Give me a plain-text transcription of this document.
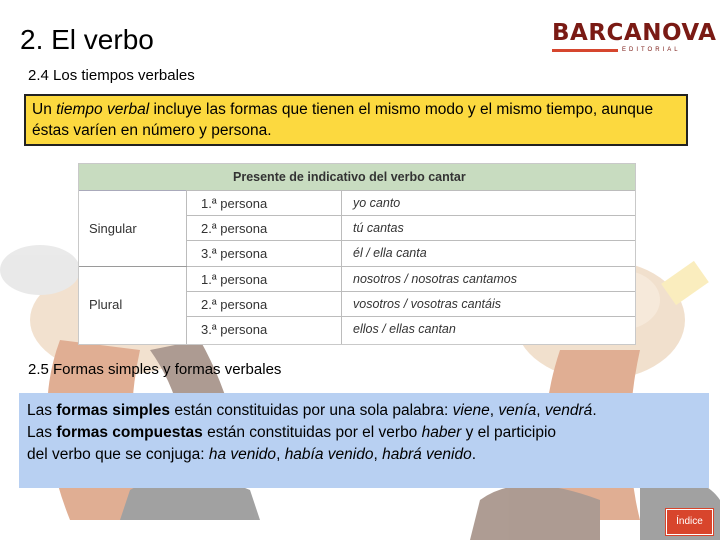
2. El verbo	BARCANOVA
EDITORIAL
2.4 Los tiempos verbales
Un tiempo verbal incluye las formas que tienen el mismo modo y el mismo tiempo, aunque éstas varíen en número y persona.
Presente de indicativo del verbo cantar
Singular
1.ª persona	yo canto
2.ª persona	tú cantas
3.ª persona	él / ella canta
Plural
1.ª persona	nosotros / nosotras cantamos
2.ª persona	vosotros / vosotras cantáis
3.ª persona	ellos / ellas cantan
2.5 Formas simples y formas verbales
Las formas simples están constituidas por una sola palabra: viene, venía, vendrá.
Las formas compuestas están constituidas por el verbo haber y el participio
del verbo que se conjuga: ha venido, había venido, habrá venido.
Índice
